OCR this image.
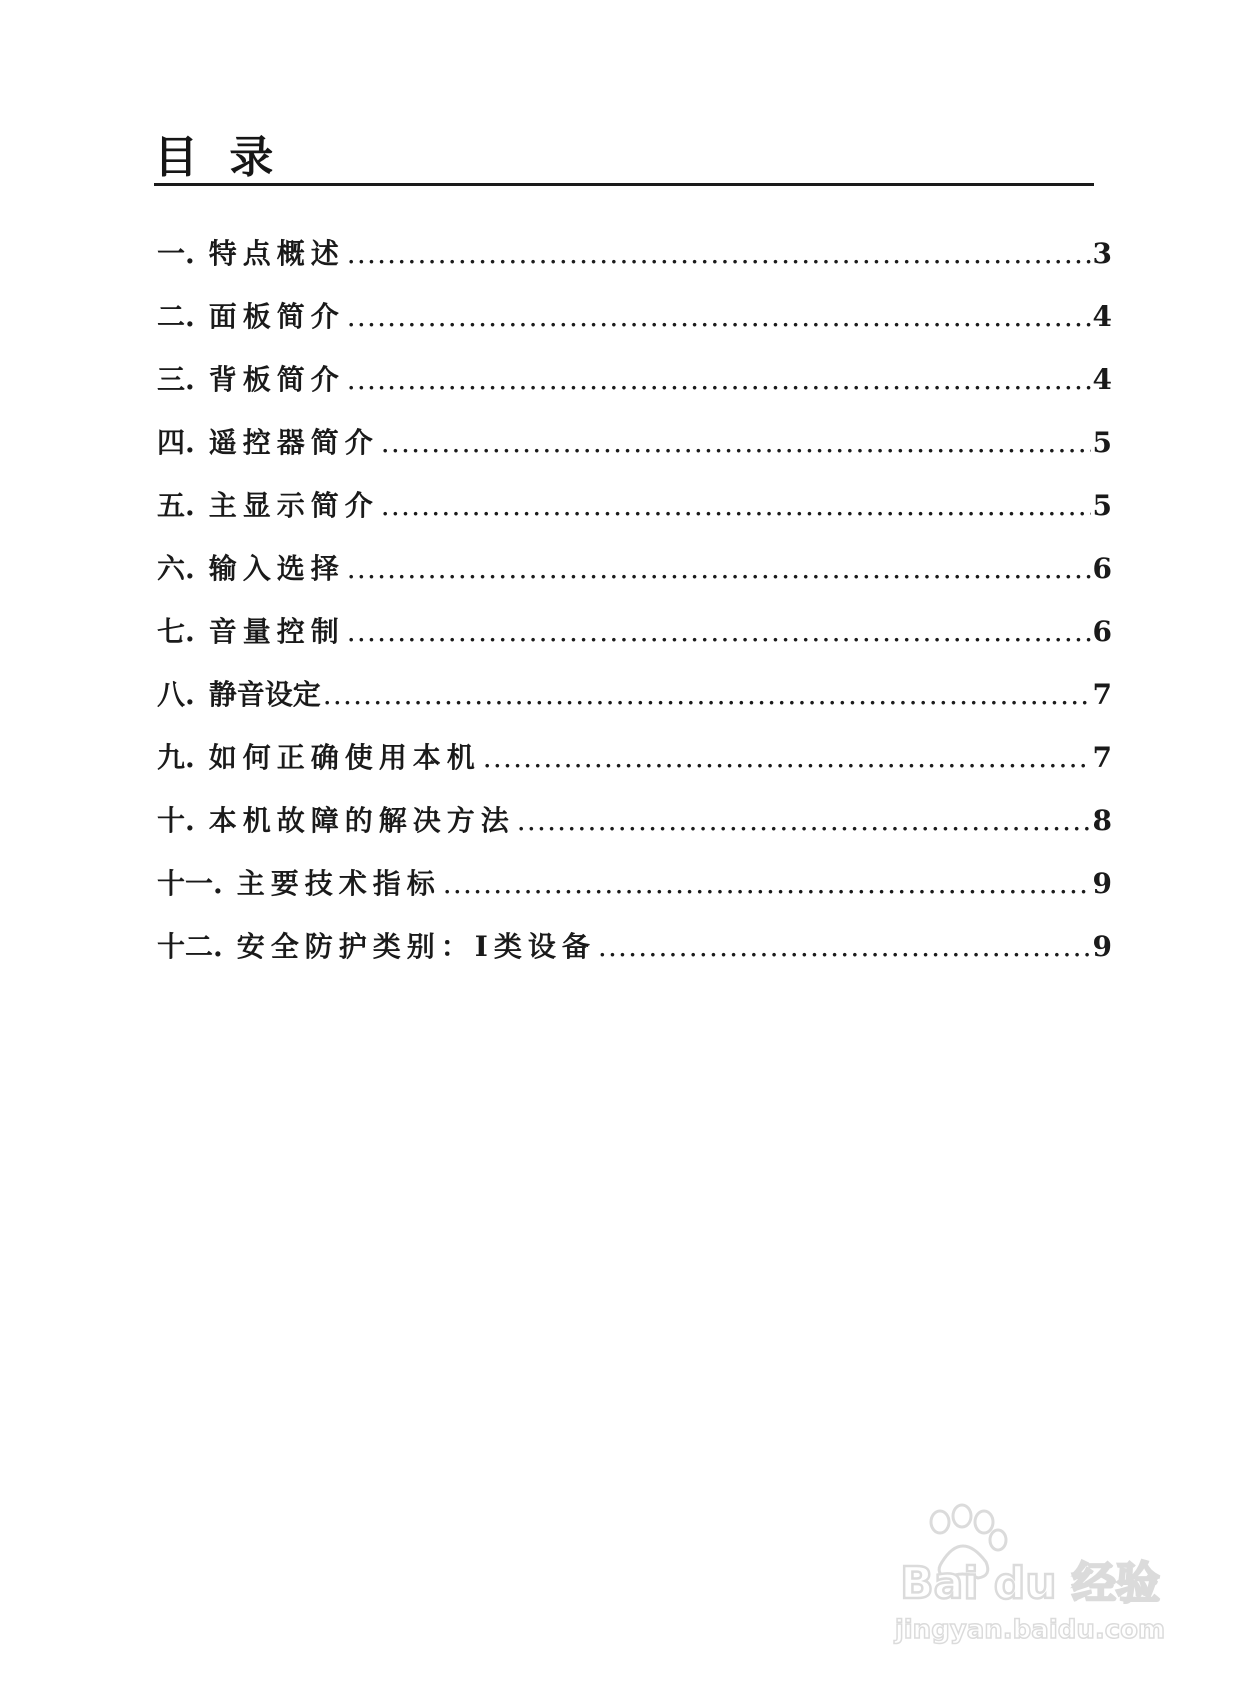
目 录
一. 特点概述 .....	3
二. 面板简介 .....	4
三. 背板简介 .....	4
四. 遥控器简介 .....	5
五. 主显示简介 .....	5
六. 输入选择 .....	6
七. 音量控制 .....	6
八. 静音设定 .....	7
九. 如何正确使用本机 .....	7
十. 本机故障的解决方法 .....	8
十一. 主要技术指标 .....	9
十二. 安全防护类别：I类设备 .....	9
Bai du 经验
jingyan.baidu.com
